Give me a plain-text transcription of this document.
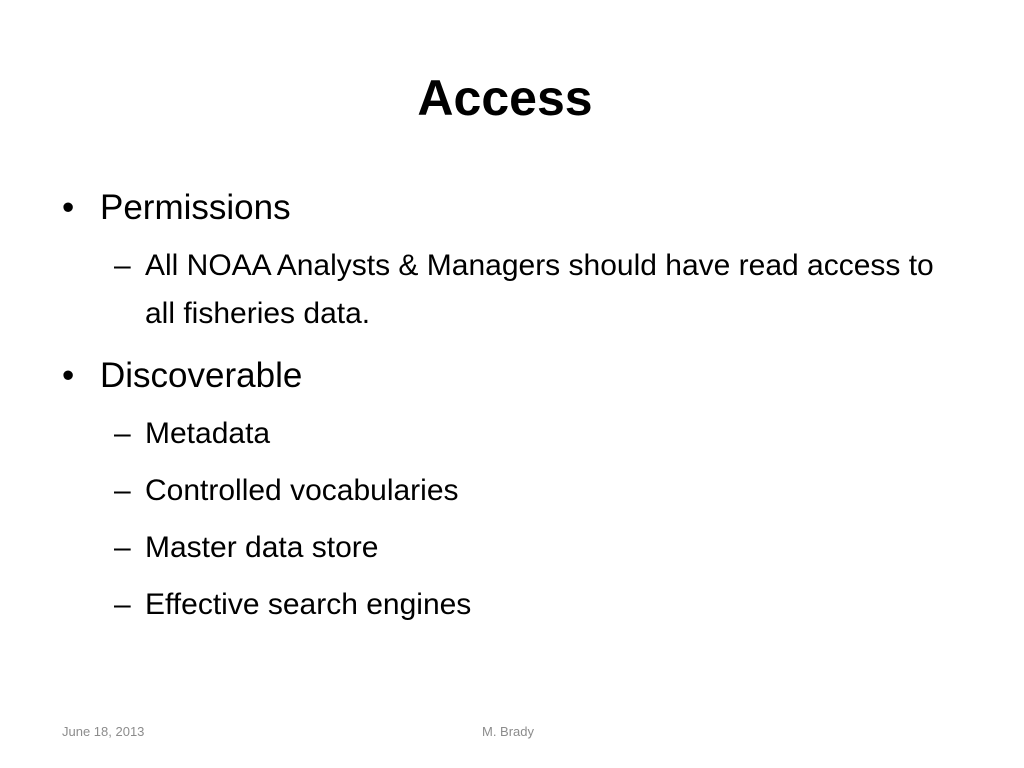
Access
• Permissions
– All NOAA Analysts & Managers should have read access to all fisheries data.
• Discoverable
– Metadata
– Controlled vocabularies
– Master data store
– Effective search engines
June 18, 2013	M. Brady
